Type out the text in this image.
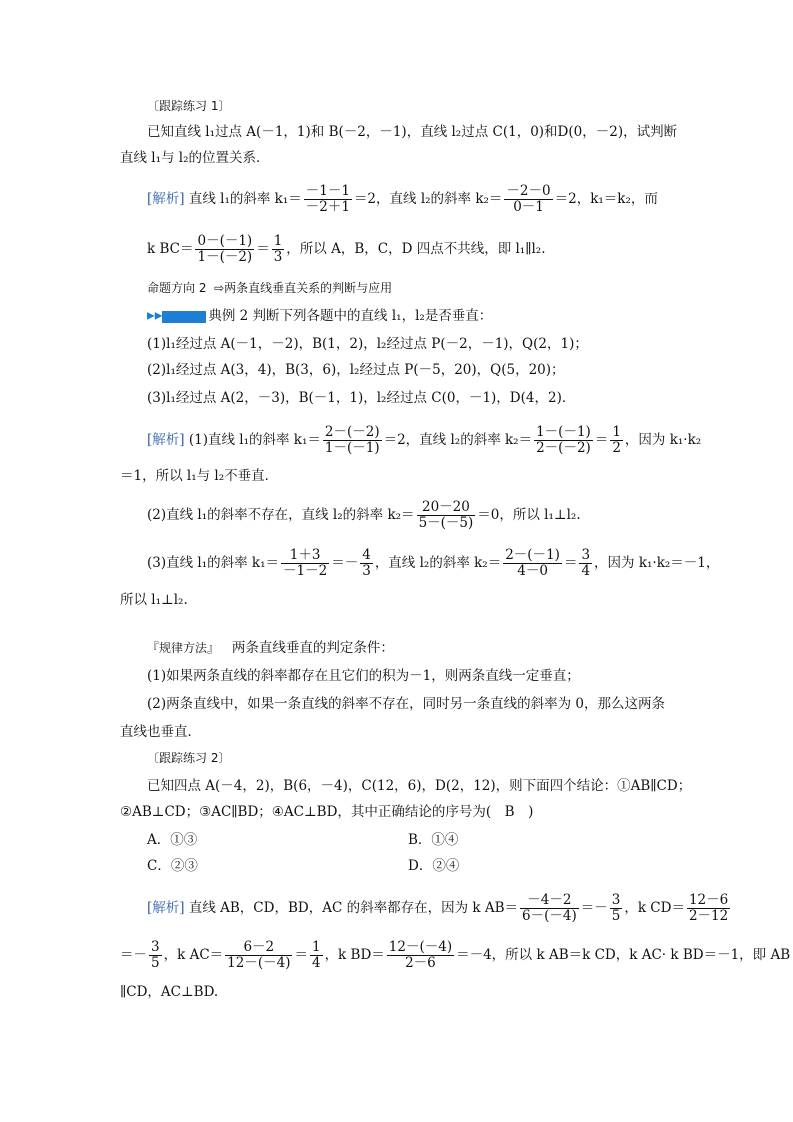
〔跟踪练习 1〕
已知直线 l₁过点 A(－1，1)和 B(－2，－1)，直线 l₂过点 C(1，0)和D(0，－2)，试判断
直线 l₁与 l₂的位置关系．
[解析] 直线 l₁的斜率 $k_1= \frac{-1-1}{-2+1} =2$，直线 l₂的斜率 $k_2= \frac{-2-0}{0-1} =2$，k₁＝k₂，而
k $BC= \frac{0-(-1)}{1-(-2)} = \frac{1}{3}$ ，所以 A，B，C，D 四点不共线，即 l₁∥l₂.
命题方向 2 ⇨两条直线垂直关系的判断与应用
▶▶	典例 2 判断下列各题中的直线 l₁，l₂是否垂直：
(1)l₁经过点 A(－1，－2)，B(1，2)，l₂经过点 P(－2，－1)，Q(2，1)；
(2)l₁经过点 A(3，4)，B(3，6)，l₂经过点 P(－5，20)，Q(5，20)；
(3)l₁经过点 A(2，－3)，B(－1，1)，l₂经过点 C(0，－1)，D(4，2)．
[解析] (1)直线 l₁的斜率 $k_1= \frac{2-(-2)}{1-(-1)} =2$，直线 l₂的斜率 $k_2= \frac{1-(-1)}{2-(-2)} = \frac{1}{2}$ ，因为 k₁·k₂
＝1，所以 l₁与 l₂不垂直．
(2)直线 l₁的斜率不存在，直线 l₂的斜率 $k_2= \frac{20-20}{5-(-5)} =0$，所以 l₁⊥l₂.
(3)直线 l₁的斜率 $k_1= \frac{1+3}{-1-2} =- \frac{4}{3}$ ，直线 l₂的斜率 $k_2= \frac{2-(-1)}{4-0} = \frac{3}{4}$ ，因为 k₁·k₂＝－1，
所以 l₁⊥l₂.
『规律方法』 两条直线垂直的判定条件：
(1)如果两条直线的斜率都存在且它们的积为－1，则两条直线一定垂直；
(2)两条直线中，如果一条直线的斜率不存在，同时另一条直线的斜率为 0，那么这两条
直线也垂直．
〔跟踪练习 2〕
已知四点 A(－4，2)，B(6，－4)，C(12，6)，D(2，12)，则下面四个结论：①AB∥CD；
②AB⊥CD；③AC∥BD；④AC⊥BD，其中正确结论的序号为(　B　)
A．①③	B．①④
C．②③	D．②④
[解析] 直线 AB，CD，BD，AC 的斜率都存在，因为 k $AB= \frac{-4-2}{6-(-4)} =- \frac{3}{5}$ ，k $CD= \frac{12-6}{2-12}$
＝－ $\frac{3}{5}$ ，k $AC= \frac{6-2}{12-(-4)} = \frac{1}{4}$ ，k $BD= \frac{12-(-4)}{2-6} =-4$，所以 k AB＝k CD，k AC· k BD＝－1，即 AB
∥CD，AC⊥BD.
